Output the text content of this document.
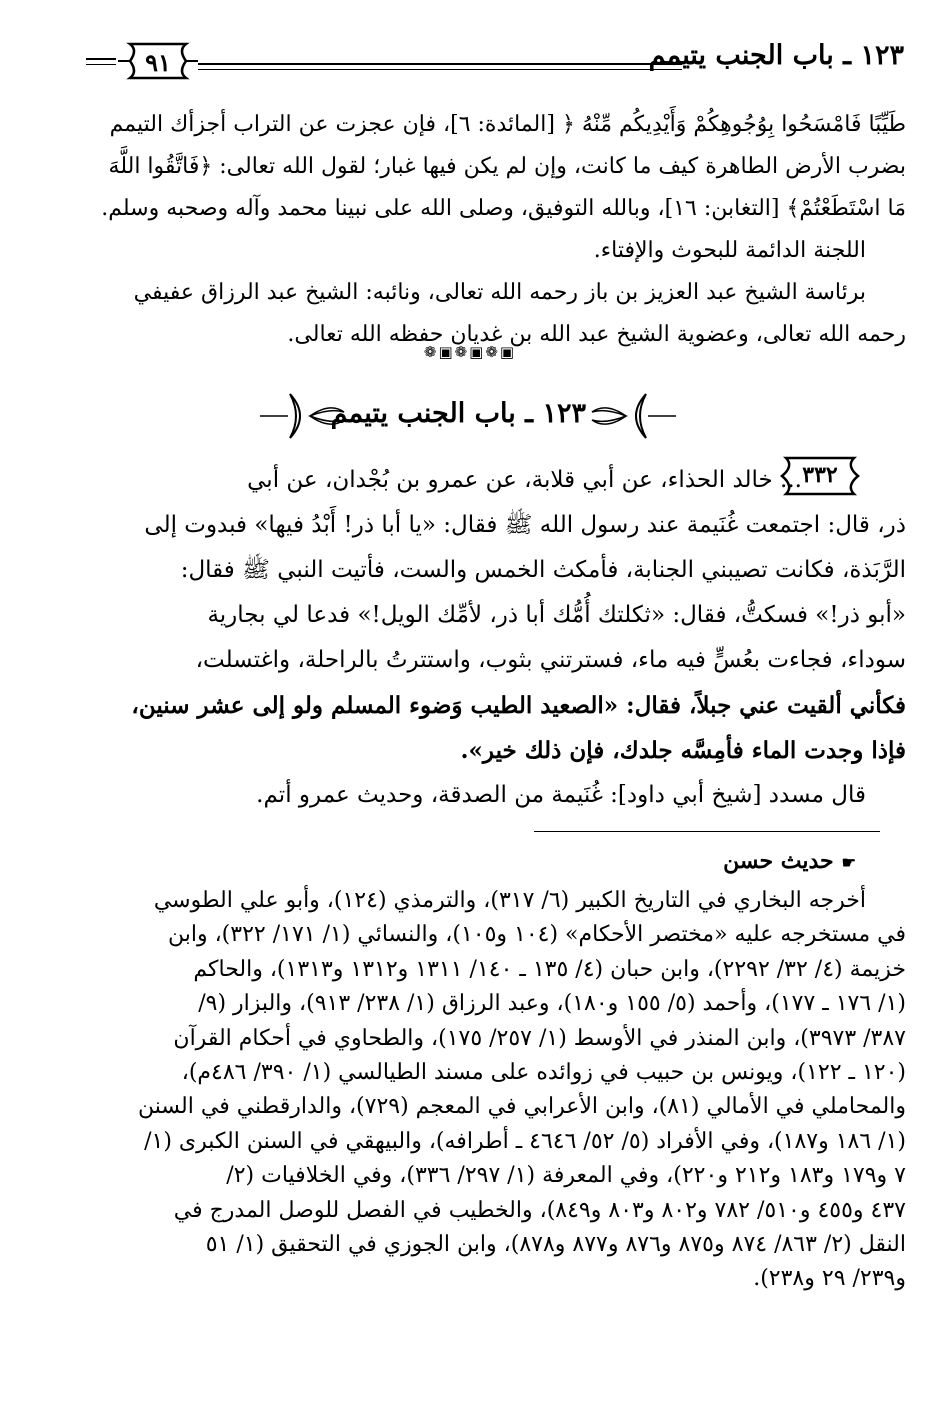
١٢٣ ـ باب الجنب يتيمم
٩١

طَيِّبًا فَامْسَحُوا بِوُجُوهِكُمْ وَأَيْدِيكُم مِّنْهُ ﴿ [المائدة: ٦]، فإن عجزت عن التراب أجزأك التيمم

بضرب الأرض الطاهرة كيف ما كانت، وإن لم يكن فيها غبار؛ لقول الله تعالى: ﴿فَاتَّقُوا اللَّهَ

مَا اسْتَطَعْتُمْ﴾ [التغابن: ١٦]، وبالله التوفيق، وصلى الله على نبينا محمد وآله وصحبه وسلم.

اللجنة الدائمة للبحوث والإفتاء.

برئاسة الشيخ عبد العزيز بن باز رحمه الله تعالى، ونائبه: الشيخ عبد الرزاق عفيفي

رحمه الله تعالى، وعضوية الشيخ عبد الله بن غديان حفظه الله تعالى.

❁▣❁▣❁▣
١٢٣ ـ باب الجنب يتيمم
٣٣٢

... خالد الحذاء، عن أبي قلابة، عن عمرو بن بُجْدان، عن أبي

ذر، قال: اجتمعت غُنَيمة عند رسول الله ﷺ فقال: «يا أبا ذر! أَبْدُ فيها» فبدوت إلى

الرَّبَذة، فكانت تصيبني الجنابة، فأمكث الخمس والست، فأتيت النبي ﷺ فقال:

«أبو ذر!» فسكتُّ، فقال: «ثكلتك أُمُّك أبا ذر، لأمِّك الويل!» فدعا لي بجارية

سوداء، فجاءت بعُسٍّ فيه ماء، فسترتني بثوب، واستترتُ بالراحلة، واغتسلت،

فكأني ألقيت عني جبلاً، فقال: «الصعيد الطيب وَضوء المسلم ولو إلى عشر سنين،

فإذا وجدت الماء فأمِسَّه جلدك، فإن ذلك خير».

قال مسدد [شيخ أبي داود]: غُنَيمة من الصدقة، وحديث عمرو أتم.

☛حديث حسن

أخرجه البخاري في التاريخ الكبير (٦/ ٣١٧)، والترمذي (١٢٤)، وأبو علي الطوسي

في مستخرجه عليه «مختصر الأحكام» (١٠٤ و١٠٥)، والنسائي (١/ ١٧١/ ٣٢٢)، وابن

خزيمة (٤/ ٣٢/ ٢٢٩٢)، وابن حبان (٤/ ١٣٥ ـ ١٤٠/ ١٣١١ و١٣١٢ و١٣١٣)، والحاكم

(١/ ١٧٦ ـ ١٧٧)، وأحمد (٥/ ١٥٥ و١٨٠)، وعبد الرزاق (١/ ٢٣٨/ ٩١٣)، والبزار (٩/

٣٨٧/ ٣٩٧٣)، وابن المنذر في الأوسط (١/ ٢٥٧/ ١٧٥)، والطحاوي في أحكام القرآن

(١٢٠ ـ ١٢٢)، ويونس بن حبيب في زوائده على مسند الطيالسي (١/ ٣٩٠/ ٤٨٦م)،

والمحاملي في الأمالي (٨١)، وابن الأعرابي في المعجم (٧٢٩)، والدارقطني في السنن

(١/ ١٨٦ و١٨٧)، وفي الأفراد (٥/ ٥٢/ ٤٦٤٦ ـ أطرافه)، والبيهقي في السنن الكبرى (١/

٧ و١٧٩ و١٨٣ و٢١٢ و٢٢٠)، وفي المعرفة (١/ ٢٩٧/ ٣٣٦)، وفي الخلافيات (٢/

٤٣٧ و٤٥٥ و٥١٠/ ٧٨٢ و٨٠٢ و٨٠٣ و٨٤٩)، والخطيب في الفصل للوصل المدرج في

النقل (٢/ ٨٦٣/ ٨٧٤ و٨٧٥ و٨٧٦ و٨٧٧ و٨٧٨)، وابن الجوزي في التحقيق (١/ ٥١

و٢٣٩/ ٢٩ و٢٣٨).
